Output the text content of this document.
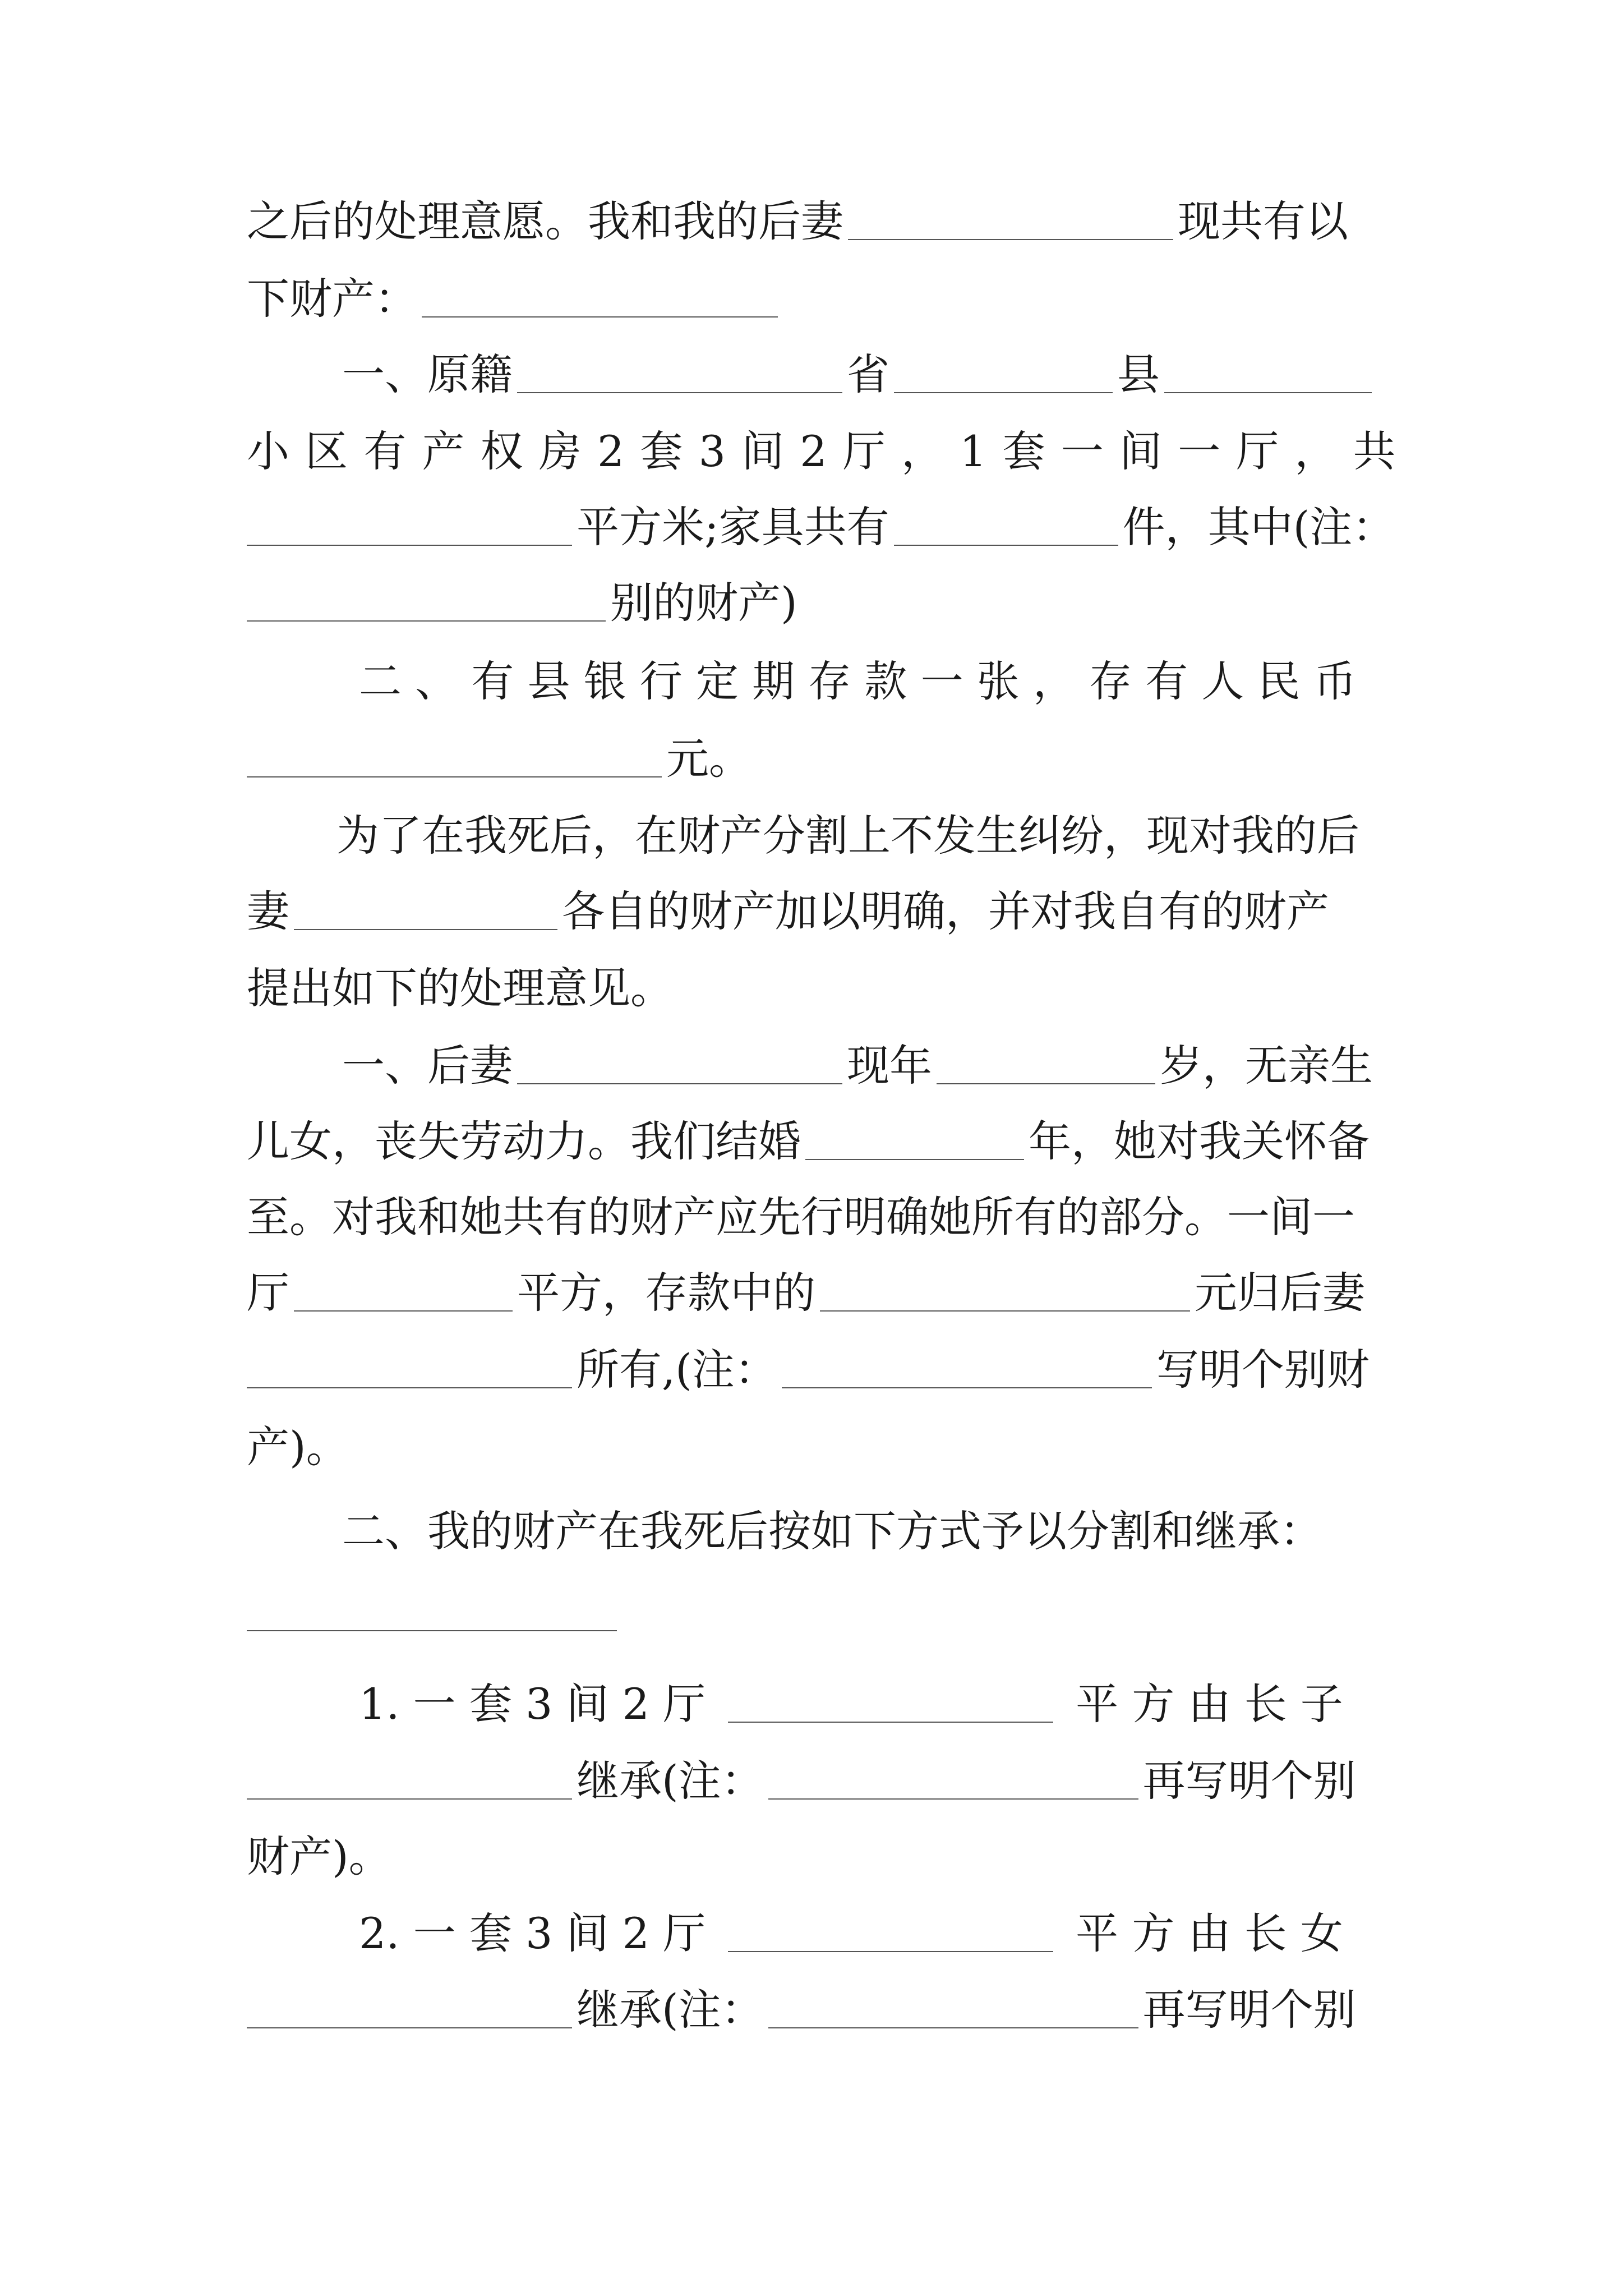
之后的处理意愿。我和我的后妻	现共有以
下财产：
一、原籍	省	县
小 区 有 产 权 房 2 套 3 间 2 厅 ， 1 套 一 间 一 厅 ， 共
平方米;家具共有	件，其中(注：
别的财产)
二 、 有 县 银 行 定 期 存 款 一 张 ， 存 有 人 民 币
元。
为了在我死后，在财产分割上不发生纠纷，现对我的后
妻	各自的财产加以明确，并对我自有的财产
提出如下的处理意见。
一、后妻	现年	岁，无亲生
儿女，丧失劳动力。我们结婚	年，她对我关怀备
至。对我和她共有的财产应先行明确她所有的部分。一间一
厅	平方，存款中的	元归后妻
所有,(注：	写明个别财
产)。
二、我的财产在我死后按如下方式予以分割和继承：
1. 一 套 3 间 2 厅	平 方 由 长 子
继承(注：	再写明个别
财产)。
2. 一 套 3 间 2 厅	平 方 由 长 女
继承(注：	再写明个别
